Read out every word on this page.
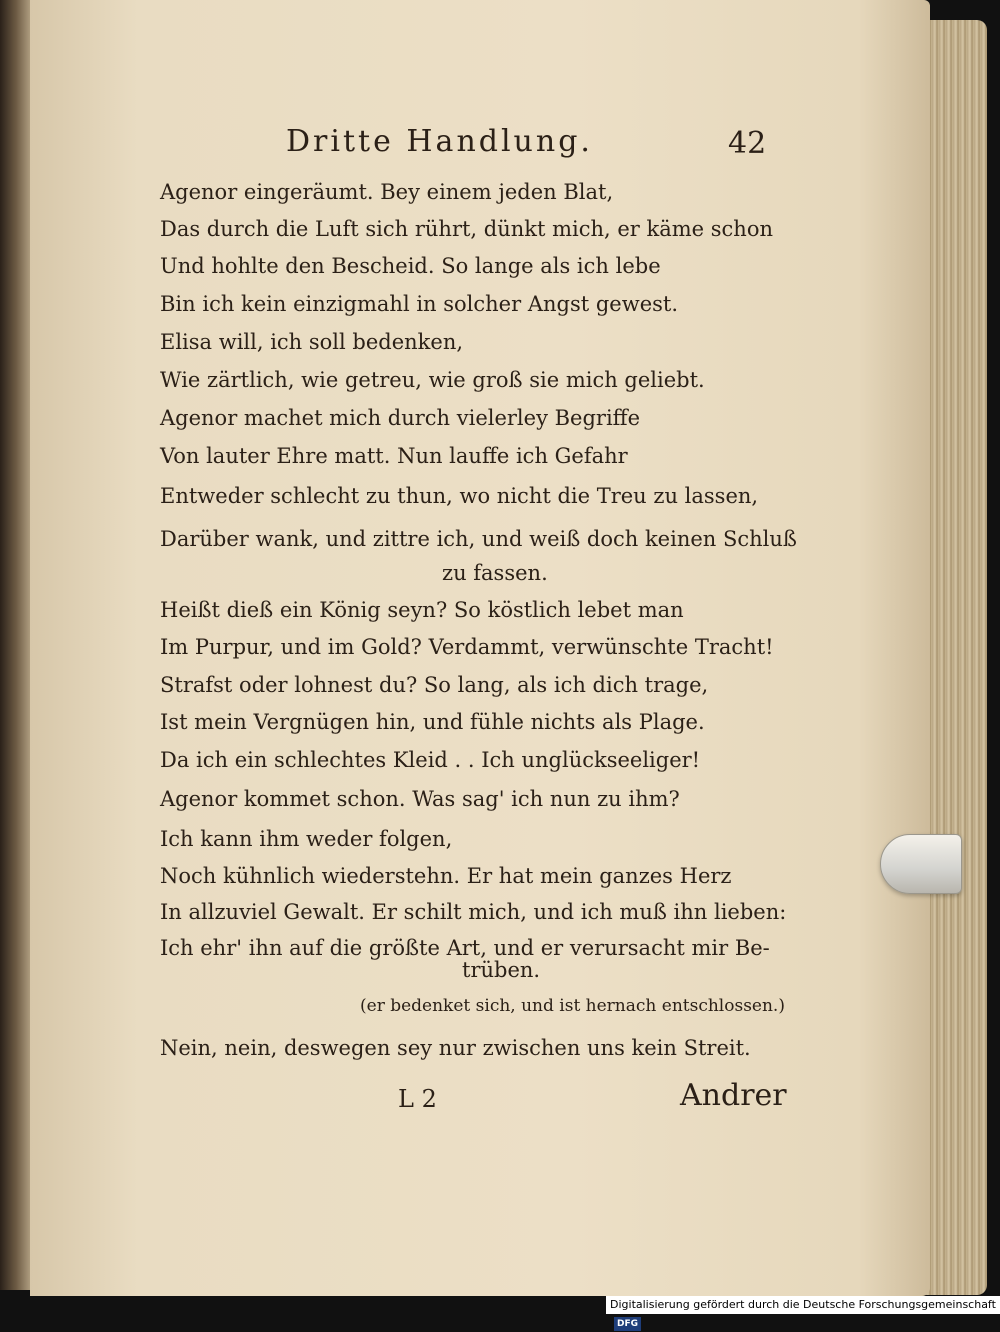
Dritte Handlung.	42
Agenor eingeräumt. Bey einem jeden Blat,
Das durch die Luft sich rührt, dünkt mich, er käme schon
Und hohlte den Bescheid. So lange als ich lebe
Bin ich kein einzigmahl in solcher Angst gewest.
Elisa will, ich soll bedenken,
Wie zärtlich, wie getreu, wie groß sie mich geliebt.
Agenor machet mich durch vielerley Begriffe
Von lauter Ehre matt. Nun lauffe ich Gefahr
Entweder schlecht zu thun, wo nicht die Treu zu lassen,
Darüber wank, und zittre ich, und weiß doch keinen Schluß
zu fassen.
Heißt dieß ein König seyn? So köstlich lebet man
Im Purpur, und im Gold? Verdammt, verwünschte Tracht!
Strafst oder lohnest du? So lang, als ich dich trage,
Ist mein Vergnügen hin, und fühle nichts als Plage.
Da ich ein schlechtes Kleid . . Ich unglückseeliger!
Agenor kommet schon. Was sag' ich nun zu ihm?
Ich kann ihm weder folgen,
Noch kühnlich wiederstehn. Er hat mein ganzes Herz
In allzuviel Gewalt. Er schilt mich, und ich muß ihn lieben:
Ich ehr' ihn auf die größte Art, und er verursacht mir Be-
trüben.
(er bedenket sich, und ist hernach entschlossen.)
Nein, nein, deswegen sey nur zwischen uns kein Streit.
L 2	Andrer
Digitalisierung gefördert durch die Deutsche ForschungsgemeinschaftDFG
